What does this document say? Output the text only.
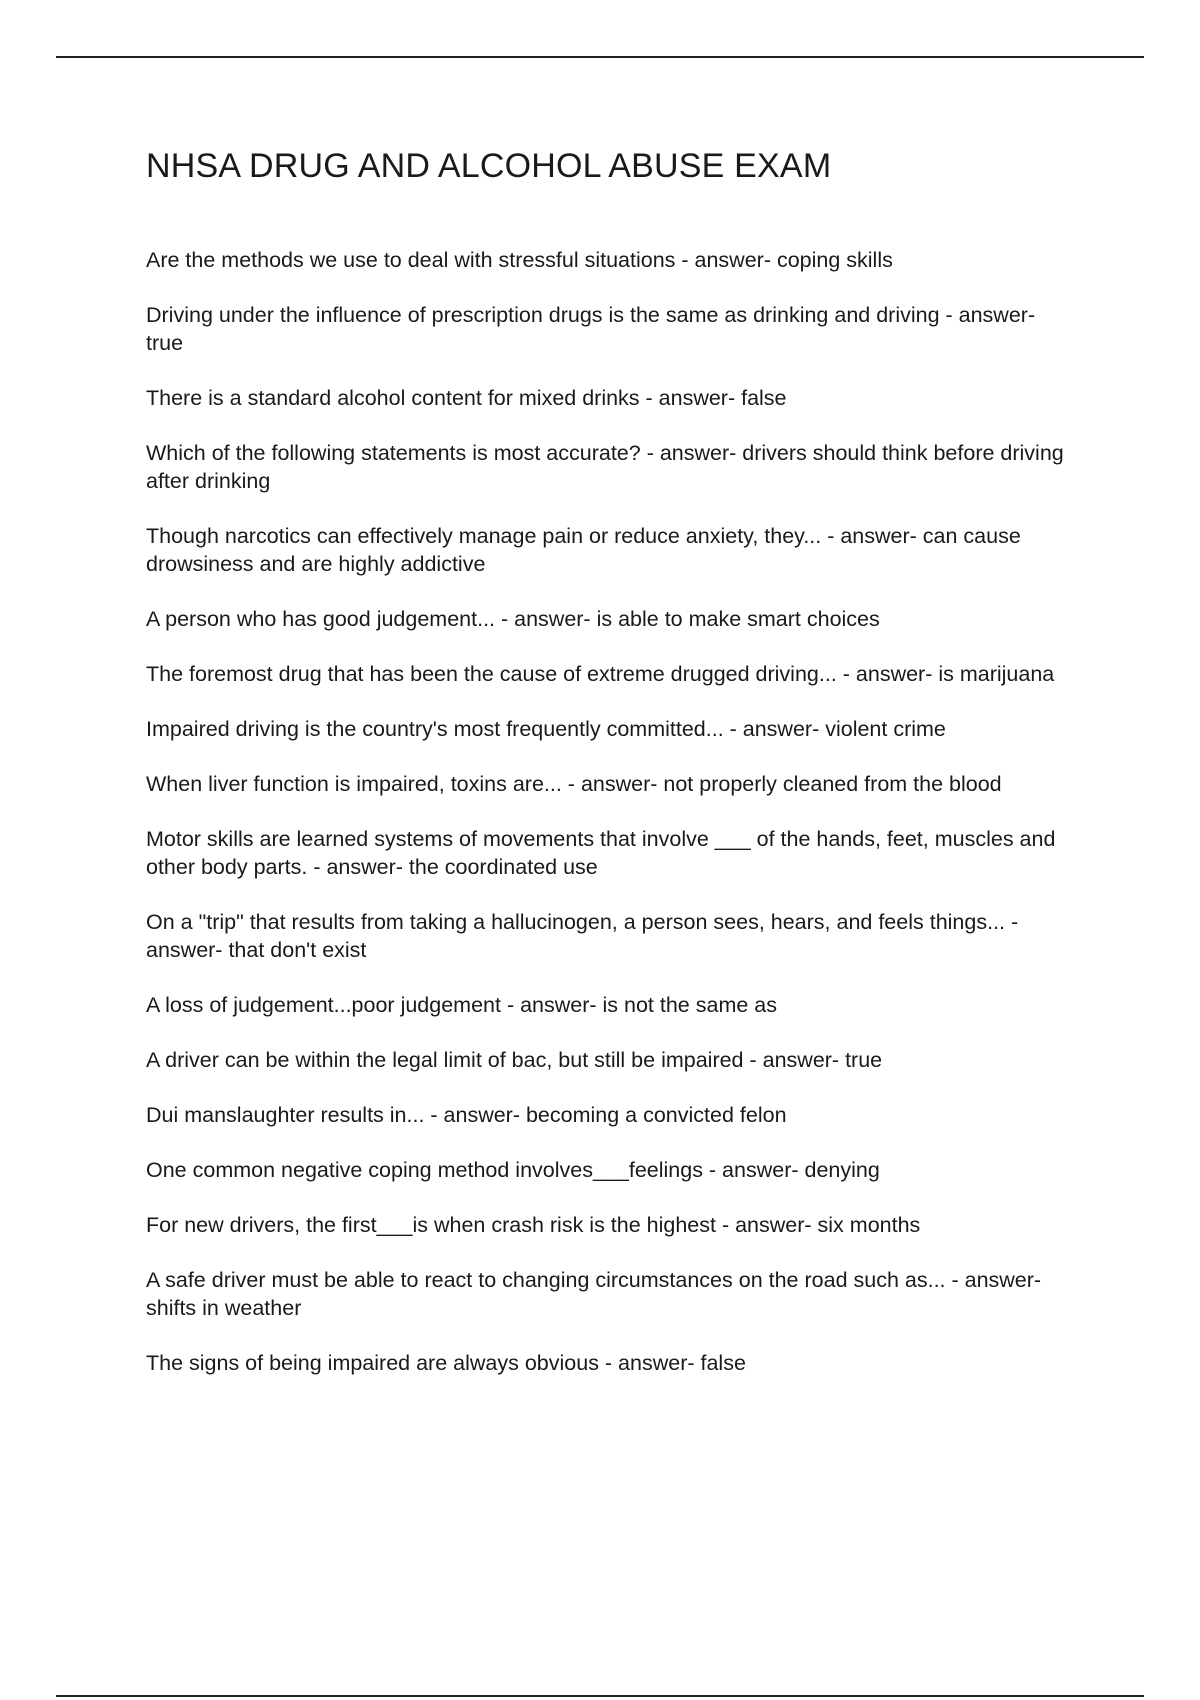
NHSA DRUG AND ALCOHOL ABUSE EXAM
Are the methods we use to deal with stressful situations - answer- coping skills
Driving under the influence of prescription drugs is the same as drinking and driving - answer- true
There is a standard alcohol content for mixed drinks - answer- false
Which of the following statements is most accurate? - answer- drivers should think before driving after drinking
Though narcotics can effectively manage pain or reduce anxiety, they... - answer- can cause drowsiness and are highly addictive
A person who has good judgement... - answer- is able to make smart choices
The foremost drug that has been the cause of extreme drugged driving... - answer- is marijuana
Impaired driving is the country's most frequently committed... - answer- violent crime
When liver function is impaired, toxins are... - answer- not properly cleaned from the blood
Motor skills are learned systems of movements that involve ___ of the hands, feet, muscles and other body parts. - answer- the coordinated use
On a "trip" that results from taking a hallucinogen, a person sees, hears, and feels things... - answer- that don't exist
A loss of judgement...poor judgement - answer- is not the same as
A driver can be within the legal limit of bac, but still be impaired - answer- true
Dui manslaughter results in... - answer- becoming a convicted felon
One common negative coping method involves___feelings - answer- denying
For new drivers, the first___is when crash risk is the highest - answer- six months
A safe driver must be able to react to changing circumstances on the road such as... - answer- shifts in weather
The signs of being impaired are always obvious - answer- false
